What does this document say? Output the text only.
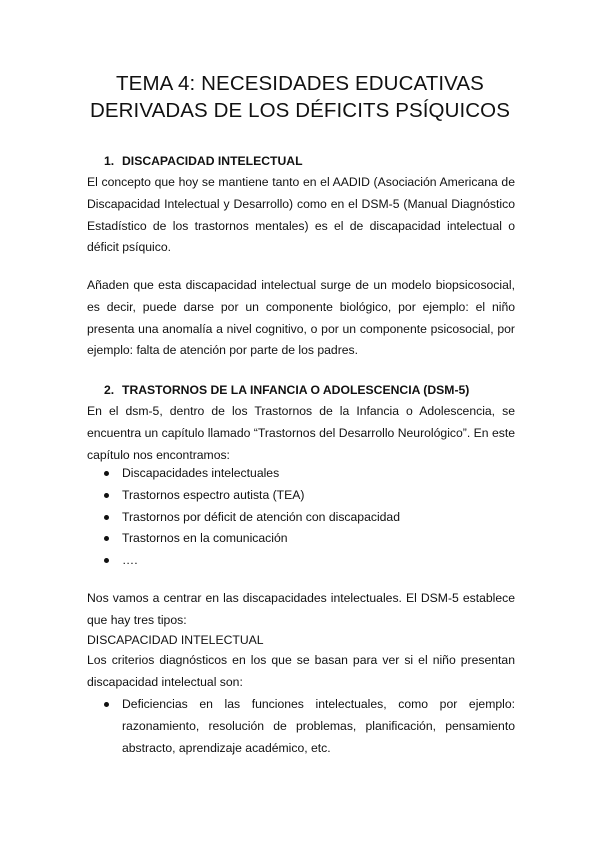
TEMA 4: NECESIDADES EDUCATIVAS
DERIVADAS DE LOS DÉFICITS PSÍQUICOS
1. DISCAPACIDAD INTELECTUAL
El concepto que hoy se mantiene tanto en el AADID (Asociación Americana de
Discapacidad Intelectual y Desarrollo) como en el DSM-5 (Manual Diagnóstico
Estadístico de los trastornos mentales) es el de discapacidad intelectual o
déficit psíquico.
Añaden que esta discapacidad intelectual surge de un modelo biopsicosocial,
es decir, puede darse por un componente biológico, por ejemplo: el niño
presenta una anomalía a nivel cognitivo, o por un componente psicosocial, por
ejemplo: falta de atención por parte de los padres.
2. TRASTORNOS DE LA INFANCIA O ADOLESCENCIA (DSM-5)
En el dsm-5, dentro de los Trastornos de la Infancia o Adolescencia, se
encuentra un capítulo llamado “Trastornos del Desarrollo Neurológico”. En este
capítulo nos encontramos:
Discapacidades intelectuales
Trastornos espectro autista (TEA)
Trastornos por déficit de atención con discapacidad
Trastornos en la comunicación
….
Nos vamos a centrar en las discapacidades intelectuales. El DSM-5 establece
que hay tres tipos:
DISCAPACIDAD INTELECTUAL
Los criterios diagnósticos en los que se basan para ver si el niño presentan
discapacidad intelectual son:
Deficiencias en las funciones intelectuales, como por ejemplo:
razonamiento, resolución de problemas, planificación, pensamiento
abstracto, aprendizaje académico, etc.
